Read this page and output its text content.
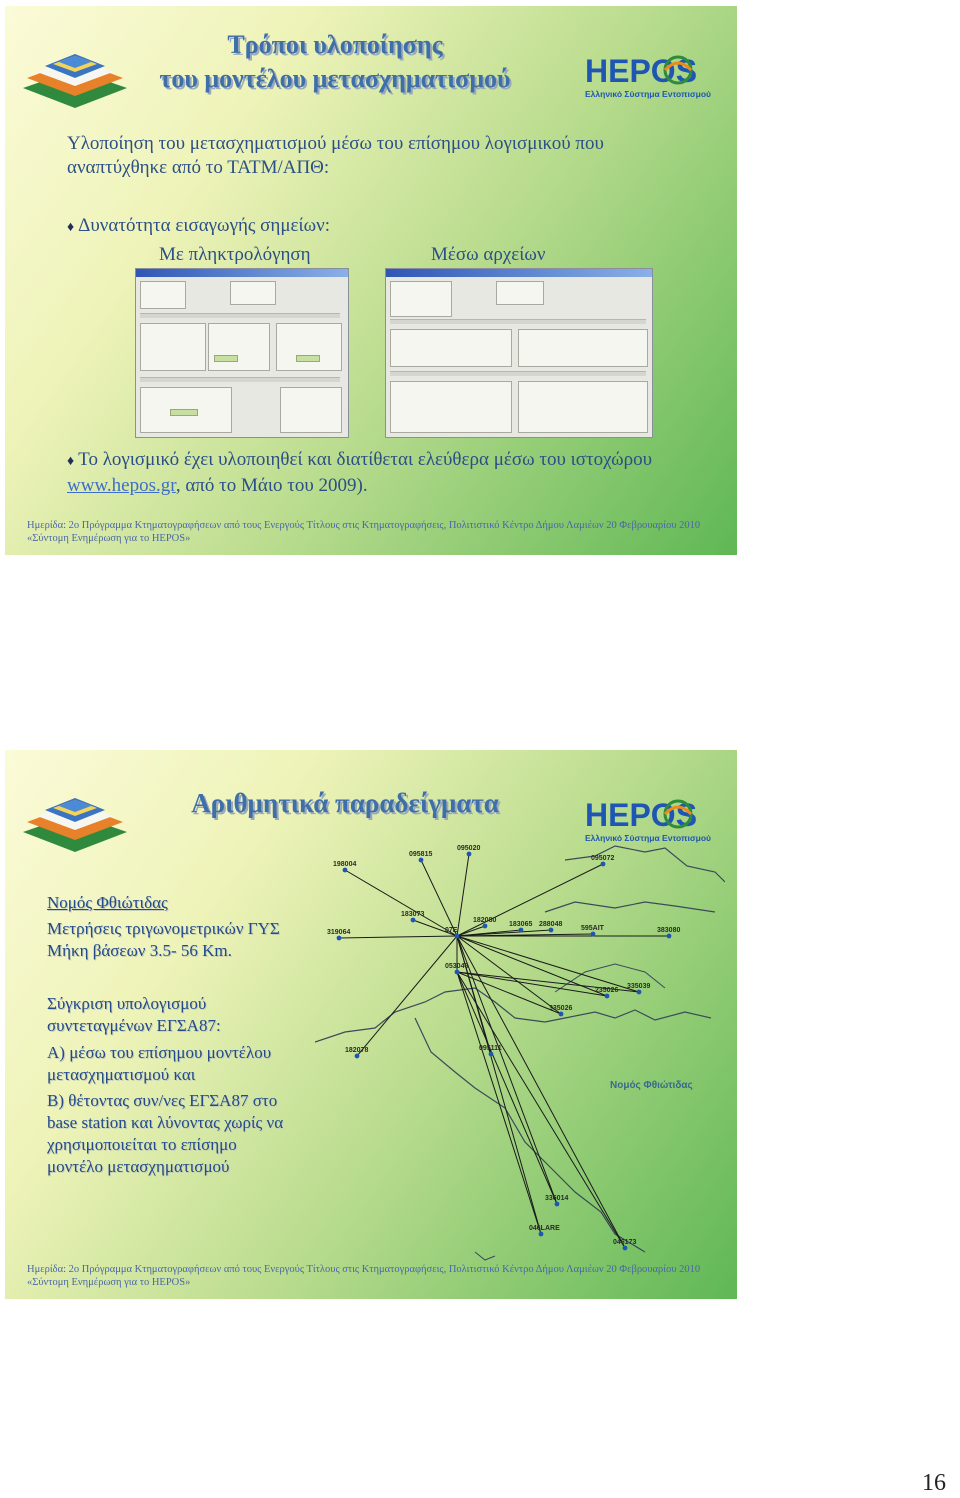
Τρόποι υλοποίησης
του μοντέλου μετασχηματισμού	HEPOS
Ελληνικό Σύστημα Εντοπισμού

Υλοποίηση του μετασχηματισμού μέσω του επίσημου λογισμικού που αναπτύχθηκε από το ΤΑΤΜ/ΑΠΘ:

♦ Δυνατότητα εισαγωγής σημείων:

Με πληκτρολόγηση	Μέσω αρχείων

♦ Το λογισμικό έχει υλοποιηθεί και διατίθεται ελεύθερα μέσω του ιστοχώρου www.hepos.gr, από το Μάιο του 2009).

Ημερίδα: 2ο Πρόγραμμα Κτηματογραφήσεων από τους Ενεργούς Τίτλους στις Κτηματογραφήσεις, Πολιτιστικό Κέντρο Δήμου Λαμιέων 20 Φεβρουαρίου 2010
«Σύντομη Ενημέρωση για το HEPOS»
Αριθμητικά παραδείγματα	HEPOS
Ελληνικό Σύστημα Εντοπισμού

Νομός Φθιώτιδας

Μετρήσεις τριγωνομετρικών ΓΥΣ

Μήκη βάσεων 3.5- 56 Km.

Σύγκριση υπολογισμού

συντεταγμένων ΕΓΣΑ87:

Α) μέσω του επίσημου μοντέλου

μετασχηματισμού και

Β) θέτοντας συν/νες ΕΓΣΑ87 στο

base station και λύνοντας χωρίς να

χρησιμοποιείται το επίσημο

μοντέλο μετασχηματισμού

198004
095815
095020
095072
183073
182080
183065 288048
319064	07E
053046
335026
235026
335039
182078	095111
336014
046LARE
046173
383080
595AIT
Νομός Φθιώτιδας
Ημερίδα: 2ο Πρόγραμμα Κτηματογραφήσεων από τους Ενεργούς Τίτλους στις Κτηματογραφήσεις, Πολιτιστικό Κέντρο Δήμου Λαμιέων 20 Φεβρουαρίου 2010
«Σύντομη Ενημέρωση για το HEPOS»
16
